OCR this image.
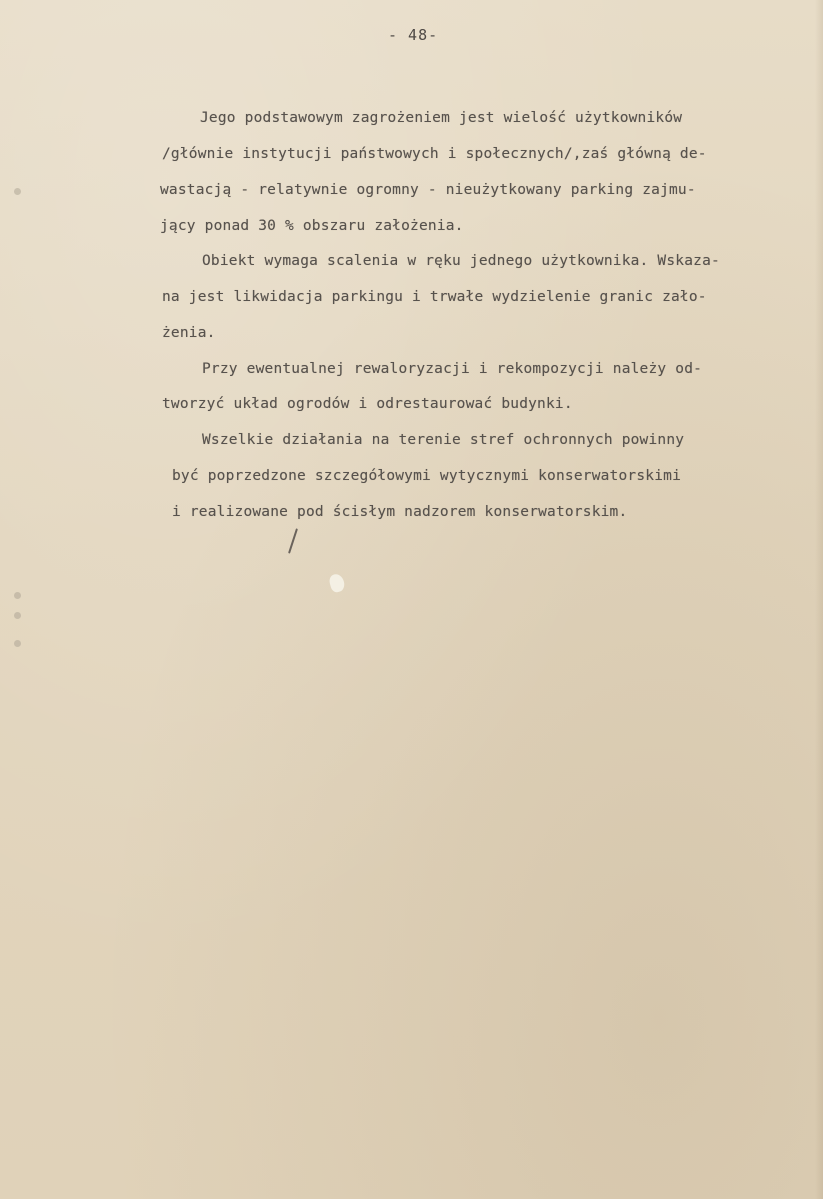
- 48-
Jego podstawowym zagrożeniem jest wielość użytkowników
/głównie instytucji państwowych i społecznych/,zaś główną de-
wastacją - relatywnie ogromny - nieużytkowany parking zajmu-
jący ponad 30 % obszaru założenia.
Obiekt wymaga scalenia w ręku jednego użytkownika. Wskaza-
na jest likwidacja parkingu i trwałe wydzielenie granic zało-
żenia.
Przy ewentualnej rewaloryzacji i rekompozycji należy od-
tworzyć układ ogrodów i odrestaurować budynki.
Wszelkie działania na terenie stref ochronnych powinny
być poprzedzone szczegółowymi wytycznymi konserwatorskimi
i realizowane pod ścisłym nadzorem konserwatorskim.
